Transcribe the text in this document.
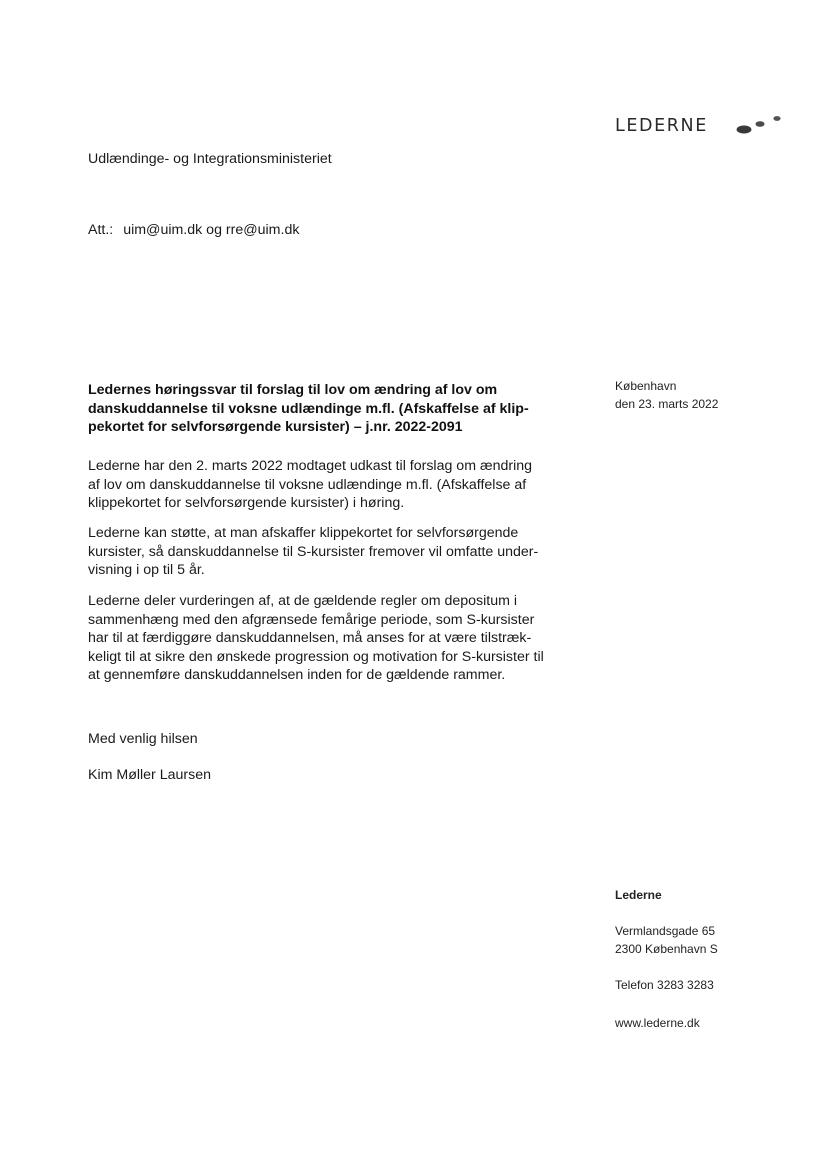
LEDERNE
Udlændinge- og Integrationsministeriet
Att.: uim@uim.dk og rre@uim.dk
København
den 23. marts 2022
Ledernes høringssvar til forslag til lov om ændring af lov om
danskuddannelse til voksne udlændinge m.fl. (Afskaffelse af klip-
pekortet for selvforsørgende kursister) – j.nr. 2022-2091
Lederne har den 2. marts 2022 modtaget udkast til forslag om ændring
af lov om danskuddannelse til voksne udlændinge m.fl. (Afskaffelse af
klippekortet for selvforsørgende kursister) i høring.
Lederne kan støtte, at man afskaffer klippekortet for selvforsørgende
kursister, så danskuddannelse til S-kursister fremover vil omfatte under-
visning i op til 5 år.
Lederne deler vurderingen af, at de gældende regler om depositum i
sammenhæng med den afgrænsede femårige periode, som S-kursister
har til at færdiggøre danskuddannelsen, må anses for at være tilstræk-
keligt til at sikre den ønskede progression og motivation for S-kursister til
at gennemføre danskuddannelsen inden for de gældende rammer.
Med venlig hilsen
Kim Møller Laursen
Lederne
Vermlandsgade 65
2300 København S
Telefon 3283 3283
www.lederne.dk
